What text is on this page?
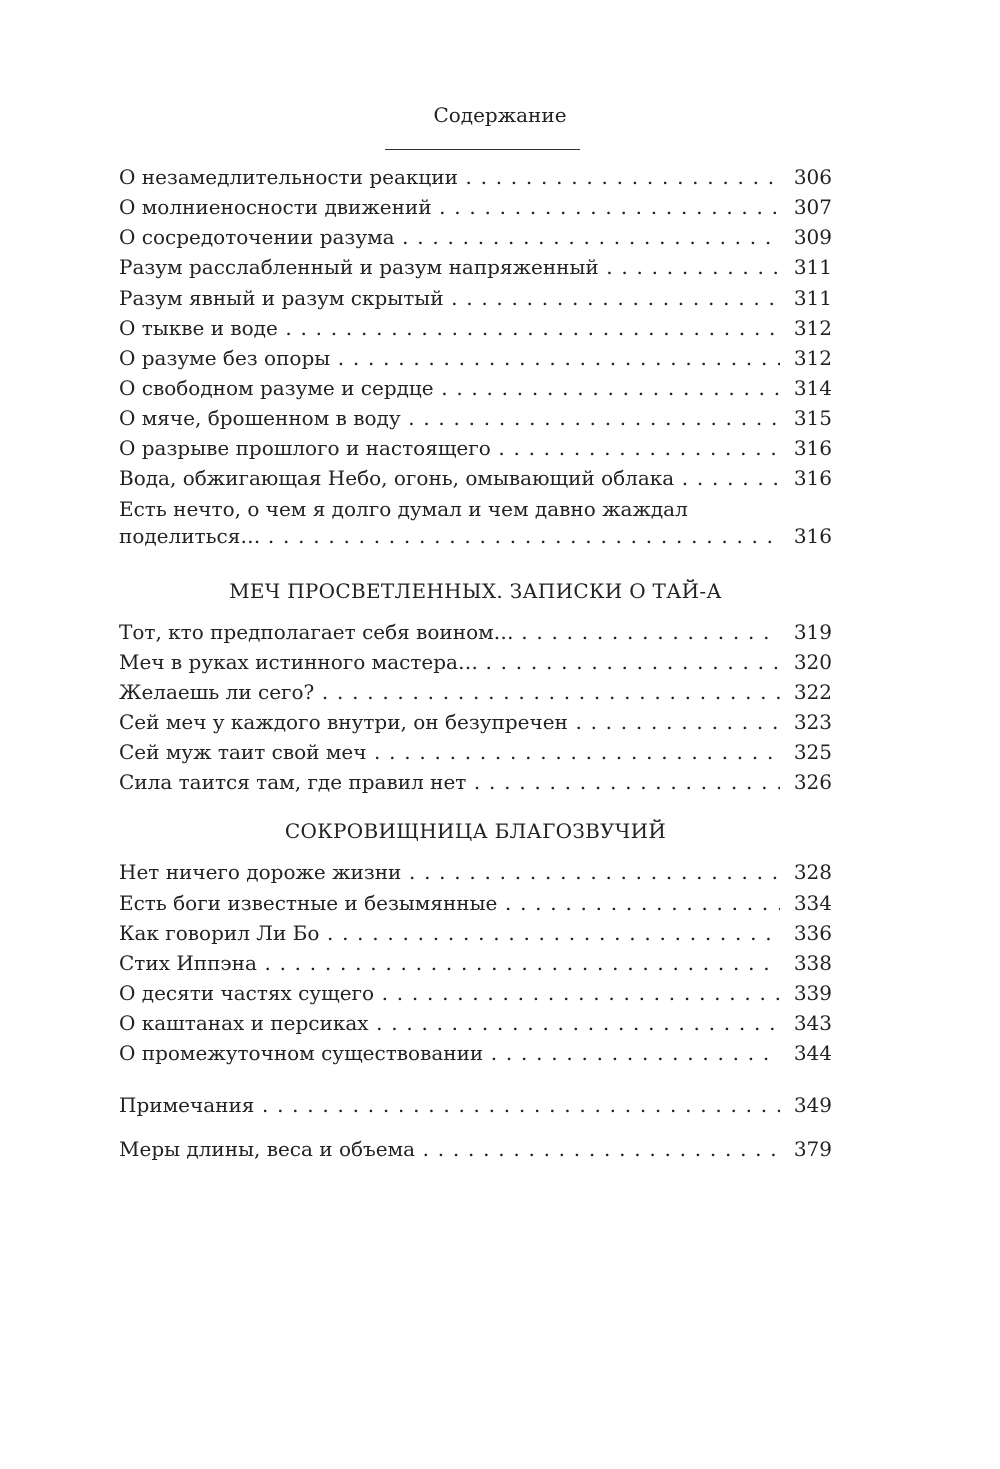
Содержание
О незамедлительности реакции . . .	306
О молниеносности движений . . .	307
О сосредоточении разума . . .	309
Разум расслабленный и разум напряженный . . .	311
Разум явный и разум скрытый . . .	311
О тыкве и воде . . .	312
О разуме без опоры . . .	312
О свободном разуме и сердце . . .	314
О мяче, брошенном в воду . . .	315
О разрыве прошлого и настоящего . . .	316
Вода, обжигающая Небо, огонь, омывающий облака . . .	316
Есть нечто, о чем я долго думал и чем давно жаждал
поделиться… . . .	316
МЕЧ ПРОСВЕТЛЕННЫХ. ЗАПИСКИ О ТАЙ-А
Тот, кто предполагает себя воином… . . .	319
Меч в руках истинного мастера… . . .	320
Желаешь ли сего? . . .	322
Сей меч у каждого внутри, он безупречен . . .	323
Сей муж таит свой меч . . .	325
Сила таится там, где правил нет . . .	326
СОКРОВИЩНИЦА БЛАГОЗВУЧИЙ
Нет ничего дороже жизни . . .	328
Есть боги известные и безымянные . . .	334
Как говорил Ли Бо . . .	336
Стих Иппэна . . .	338
О десяти частях сущего . . .	339
О каштанах и персиках . . .	343
О промежуточном существовании . . .	344
Примечания . . .	349
Меры длины, веса и объема . . .	379
